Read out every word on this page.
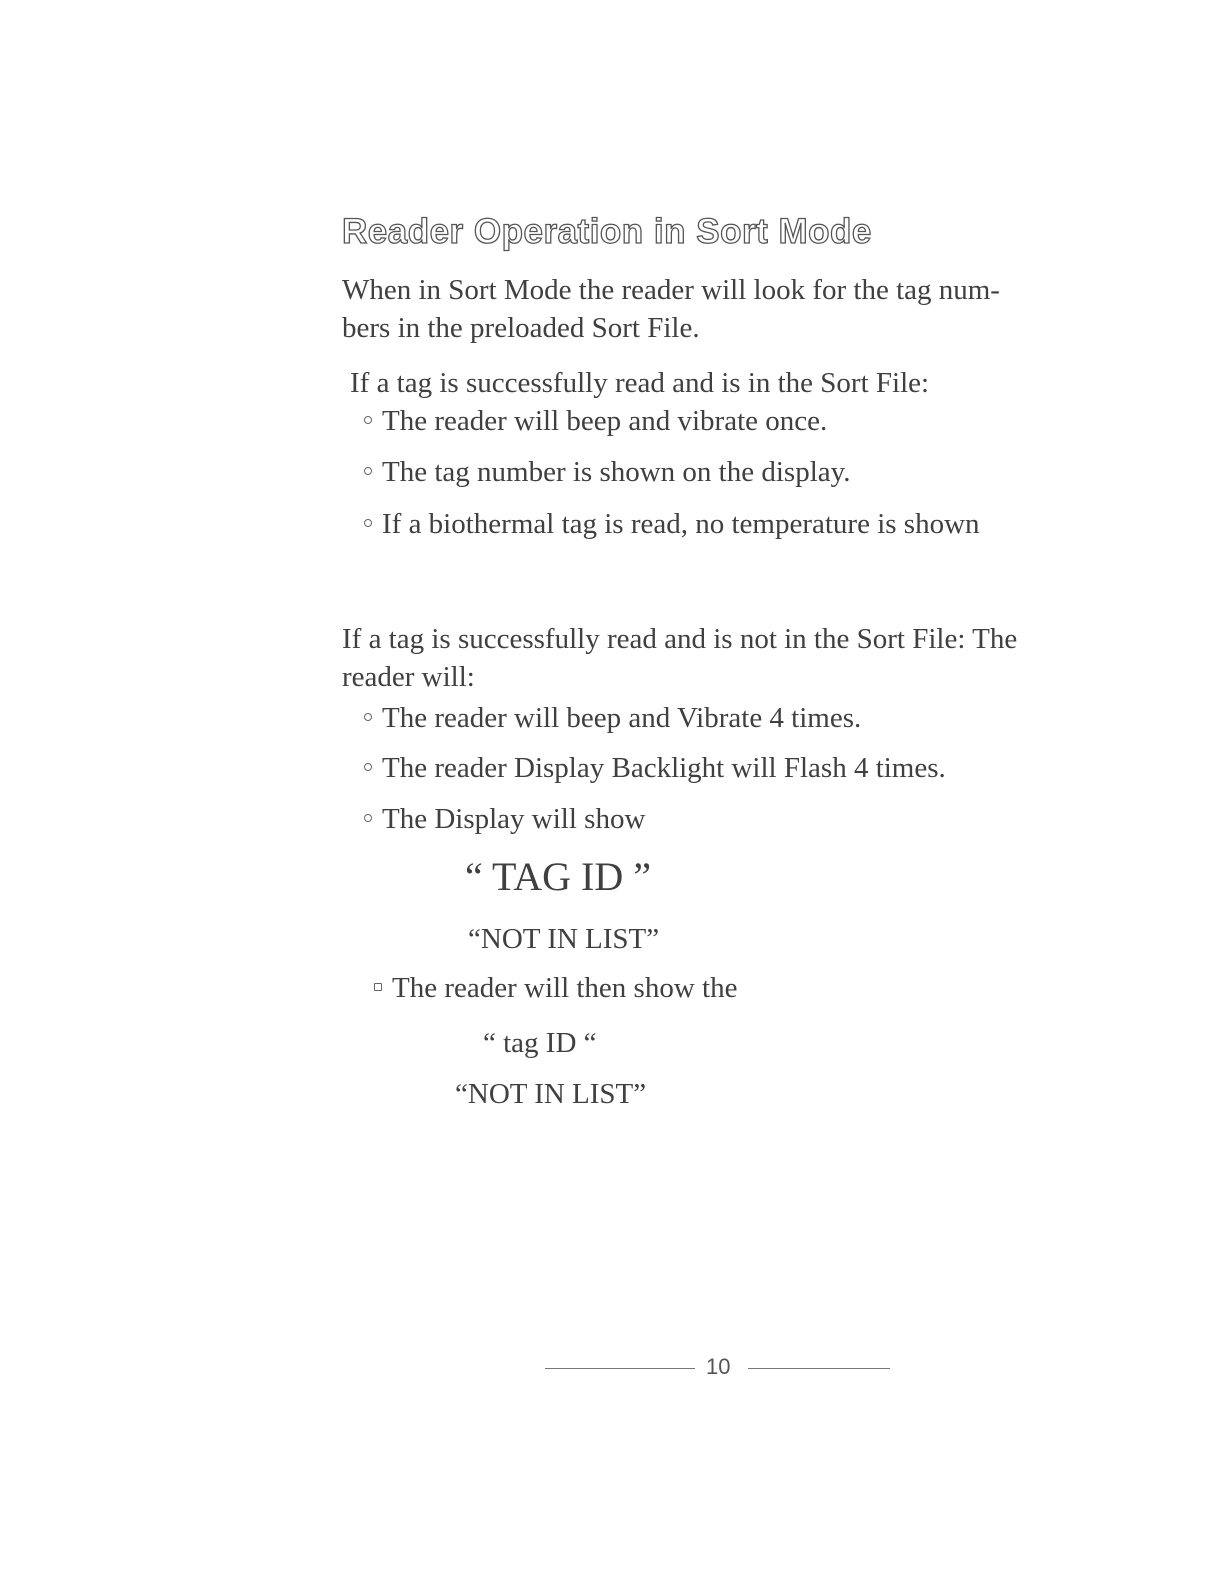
Reader Operation in Sort Mode
When in Sort Mode the reader will look for the tag num-
bers in the preloaded Sort File.
If a tag is successfully read and is in the Sort File:
The reader will beep and vibrate once.
The tag number is shown on the display.
If a biothermal tag is read, no temperature is shown
If a tag is successfully read and is not in the Sort File: The
reader will:
The reader will beep and Vibrate 4 times.
The reader Display Backlight will Flash 4 times.
The Display will show
“ TAG ID ”
“NOT IN LIST”
The reader will then show the
“ tag ID “
“NOT IN LIST”
10
